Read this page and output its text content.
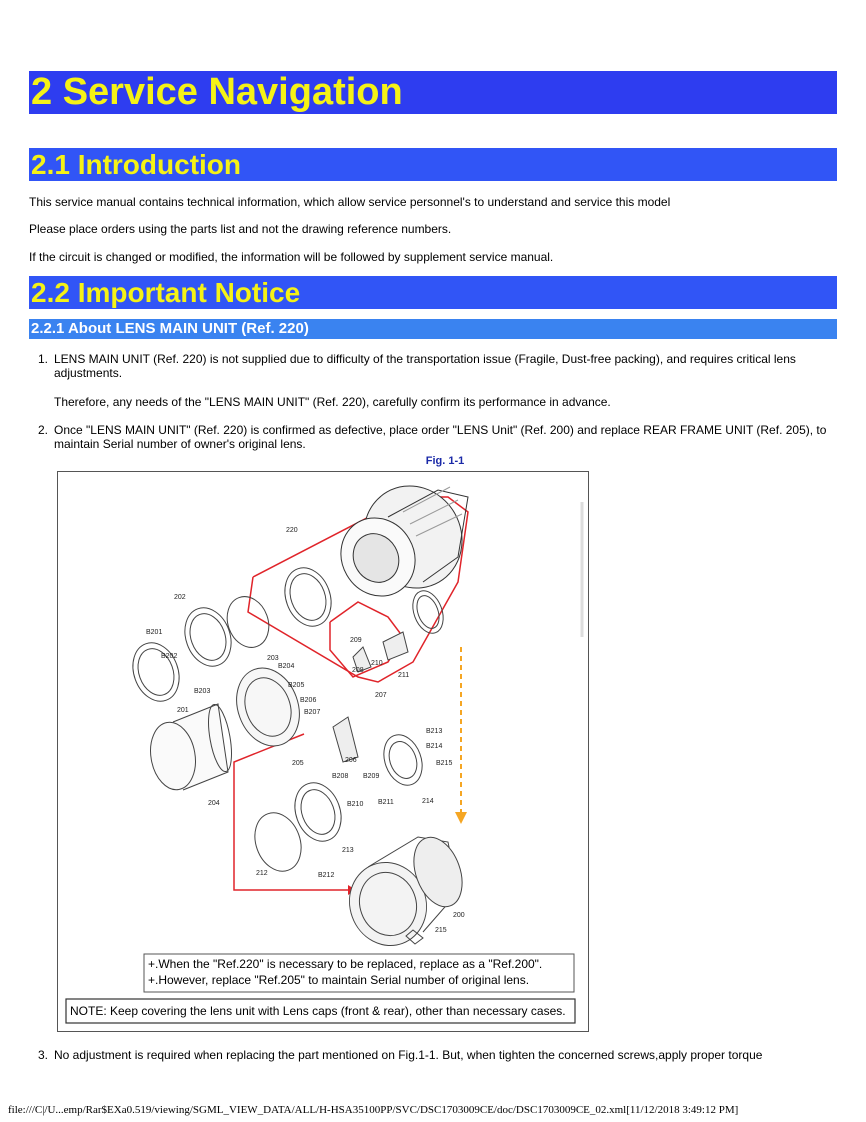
2 Service Navigation
2.1 Introduction
This service manual contains technical information, which allow service personnel's to understand and service this model
Please place orders using the parts list and not the drawing reference numbers.
If the circuit is changed or modified, the information will be followed by supplement service manual.
2.2 Important Notice
2.2.1 About LENS MAIN UNIT (Ref. 220)
1. LENS MAIN UNIT (Ref. 220) is not supplied due to difficulty of the transportation issue (Fragile, Dust-free packing), and requires critical lens adjustments.
Therefore, any needs of the "LENS MAIN UNIT" (Ref. 220), carefully confirm its performance in advance.
2. Once "LENS MAIN UNIT" (Ref. 220) is confirmed as defective, place order "LENS Unit" (Ref. 200) and replace REAR FRAME UNIT (Ref. 205), to maintain Serial number of owner's original lens.
Fig. 1-1
220
202
B201
B202	203
B204
B205
B206
B207
B203
201
205
209
210
208
211
207
206
B213
B214
B215
B208 B209
B210 B211	214
204
213
212	B212
200
215
+.When the "Ref.220" is necessary to be replaced, replace as a "Ref.200".
+.However, replace "Ref.205" to maintain Serial number of original lens.
NOTE: Keep covering the lens unit with Lens caps (front & rear), other than necessary cases.
3. No adjustment is required when replacing the part mentioned on Fig.1-1. But, when tighten the concerned screws,apply proper torque
file:///C|/U...emp/Rar$EXa0.519/viewing/SGML_VIEW_DATA/ALL/H-HSA35100PP/SVC/DSC1703009CE/doc/DSC1703009CE_02.xml[11/12/2018 3:49:12 PM]
